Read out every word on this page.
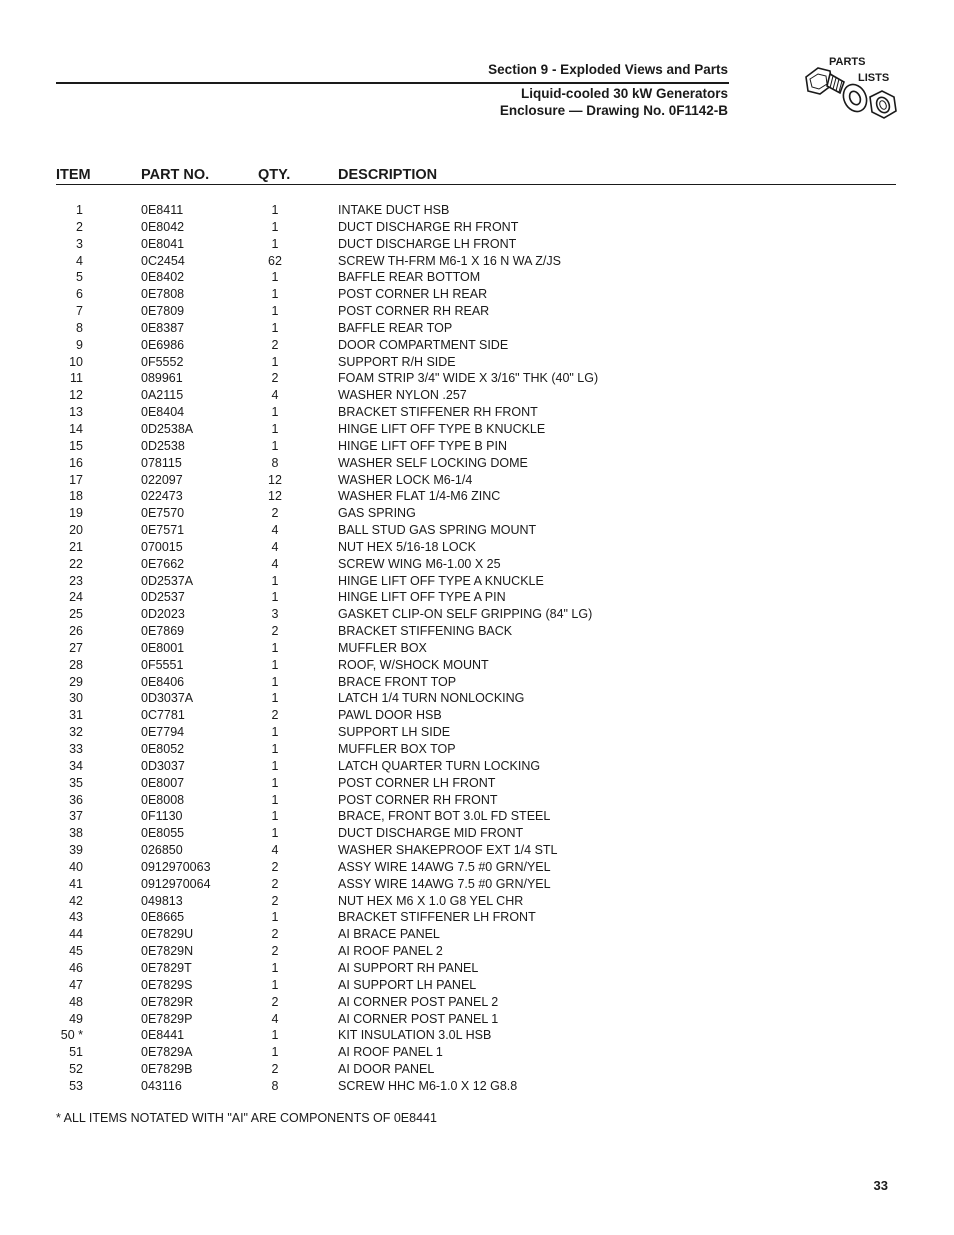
Section 9 - Exploded Views and Parts
Liquid-cooled 30 kW Generators
Enclosure — Drawing No. 0F1142-B
PARTS
LISTS
ITEM	PART NO.	QTY.	DESCRIPTION
1	0E8411	1	INTAKE DUCT HSB
2	0E8042	1	DUCT DISCHARGE RH FRONT
3	0E8041	1	DUCT DISCHARGE LH FRONT
4	0C2454	62	SCREW TH-FRM M6-1 X 16 N WA Z/JS
5	0E8402	1	BAFFLE REAR BOTTOM
6	0E7808	1	POST CORNER LH REAR
7	0E7809	1	POST CORNER RH REAR
8	0E8387	1	BAFFLE REAR TOP
9	0E6986	2	DOOR COMPARTMENT SIDE
10	0F5552	1	SUPPORT R/H SIDE
11	089961	2	FOAM STRIP 3/4" WIDE X 3/16" THK (40" LG)
12	0A2115	4	WASHER NYLON .257
13	0E8404	1	BRACKET STIFFENER RH FRONT
14	0D2538A	1	HINGE LIFT OFF TYPE B KNUCKLE
15	0D2538	1	HINGE LIFT OFF TYPE B PIN
16	078115	8	WASHER SELF LOCKING DOME
17	022097	12	WASHER LOCK M6-1/4
18	022473	12	WASHER FLAT 1/4-M6 ZINC
19	0E7570	2	GAS SPRING
20	0E7571	4	BALL STUD GAS SPRING MOUNT
21	070015	4	NUT HEX 5/16-18 LOCK
22	0E7662	4	SCREW WING M6-1.00 X 25
23	0D2537A	1	HINGE LIFT OFF TYPE A KNUCKLE
24	0D2537	1	HINGE LIFT OFF TYPE A PIN
25	0D2023	3	GASKET CLIP-ON SELF GRIPPING (84" LG)
26	0E7869	2	BRACKET STIFFENING BACK
27	0E8001	1	MUFFLER BOX
28	0F5551	1	ROOF, W/SHOCK MOUNT
29	0E8406	1	BRACE FRONT TOP
30	0D3037A	1	LATCH 1/4 TURN NONLOCKING
31	0C7781	2	PAWL DOOR HSB
32	0E7794	1	SUPPORT LH SIDE
33	0E8052	1	MUFFLER BOX TOP
34	0D3037	1	LATCH QUARTER TURN LOCKING
35	0E8007	1	POST CORNER LH FRONT
36	0E8008	1	POST CORNER RH FRONT
37	0F1130	1	BRACE, FRONT BOT 3.0L FD STEEL
38	0E8055	1	DUCT DISCHARGE MID FRONT
39	026850	4	WASHER SHAKEPROOF EXT 1/4 STL
40	0912970063	2	ASSY WIRE 14AWG 7.5 #0 GRN/YEL
41	0912970064	2	ASSY WIRE 14AWG 7.5 #0 GRN/YEL
42	049813	2	NUT HEX M6 X 1.0 G8 YEL CHR
43	0E8665	1	BRACKET STIFFENER LH FRONT
44	0E7829U	2	AI BRACE PANEL
45	0E7829N	2	AI ROOF PANEL 2
46	0E7829T	1	AI SUPPORT RH PANEL
47	0E7829S	1	AI SUPPORT LH PANEL
48	0E7829R	2	AI CORNER POST PANEL 2
49	0E7829P	4	AI CORNER POST PANEL 1
50 *	0E8441	1	KIT INSULATION 3.0L HSB
51	0E7829A	1	AI ROOF PANEL 1
52	0E7829B	2	AI DOOR PANEL
53	043116	8	SCREW HHC M6-1.0 X 12 G8.8
* ALL ITEMS NOTATED WITH "AI" ARE COMPONENTS OF 0E8441
33
